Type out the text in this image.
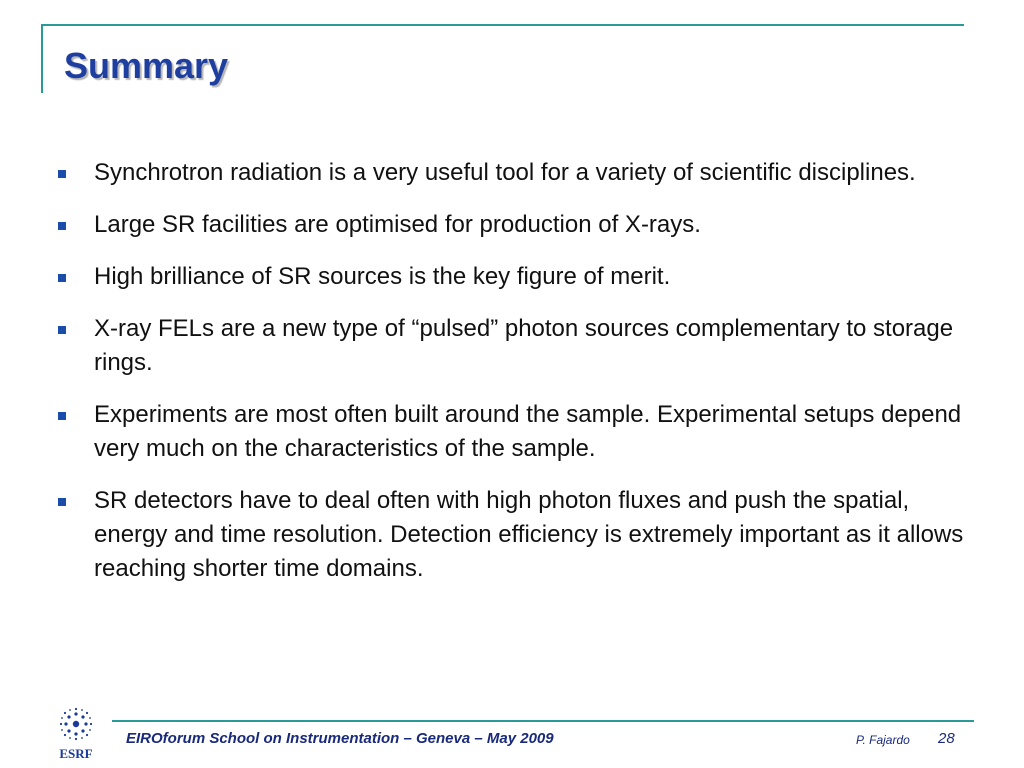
Summary
Synchrotron radiation is a very useful tool for a variety of scientific disciplines.
Large SR facilities are optimised for production of X-rays.
High brilliance of SR sources is the key figure of merit.
X-ray FELs are a new type of “pulsed” photon sources complementary to storage rings.
Experiments are most often built around the sample. Experimental setups depend very much on the characteristics of the sample.
SR detectors have to deal often with high photon fluxes and push the spatial, energy and time resolution. Detection efficiency is extremely important as it allows reaching shorter time domains.
ESRF
EIROforum School on Instrumentation – Geneva – May 2009	P. Fajardo 28
